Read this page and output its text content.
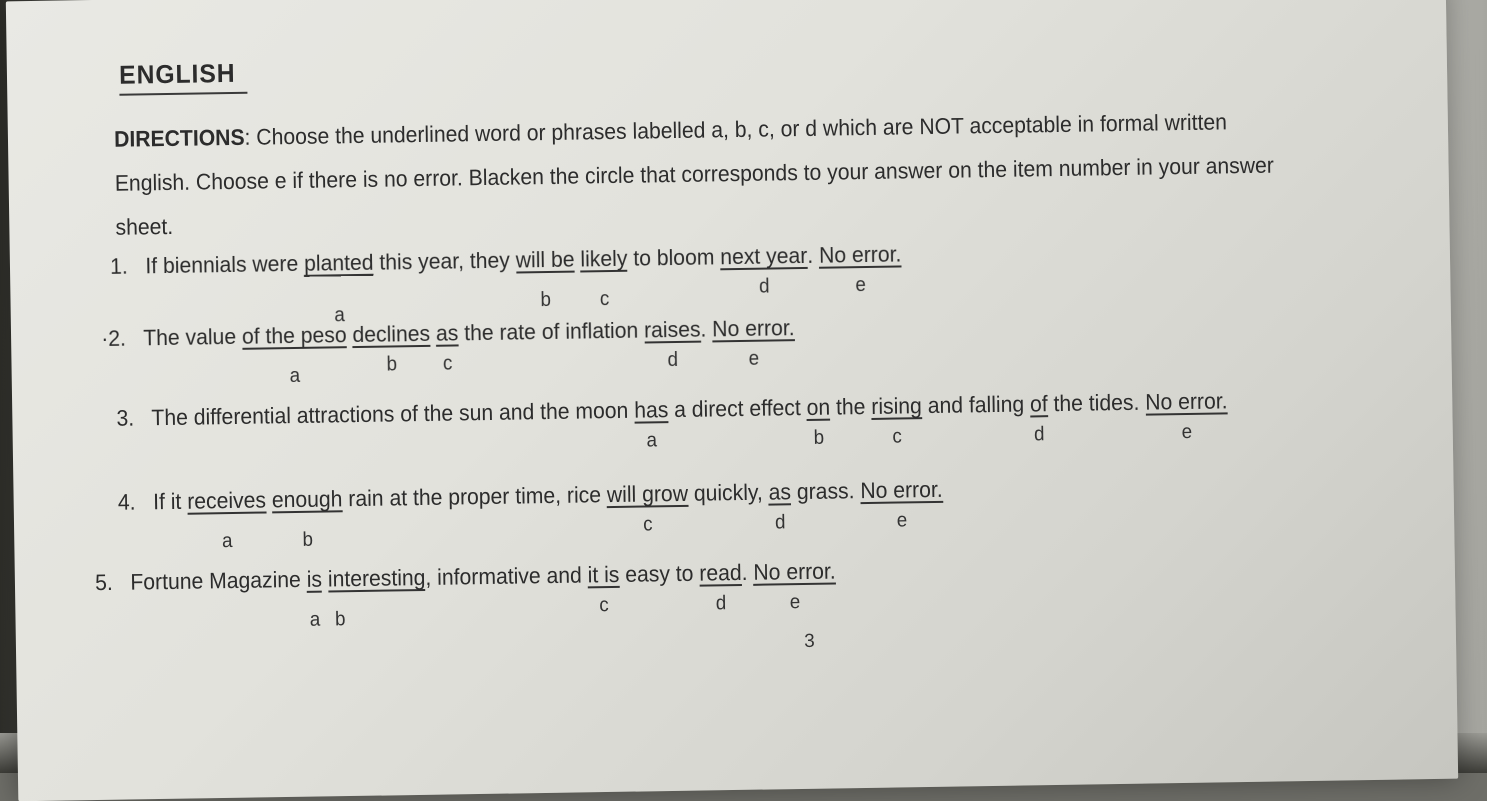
ENGLISH
DIRECTIONS: Choose the underlined word or phrases labelled a, b, c, or d which are NOT acceptable in formal written English. Choose e if there is no error. Blacken the circle that corresponds to your answer on the item number in your answer sheet.
1. If biennials were planted
a
this year, they will be
b
likely
c
to bloom next year
d
. No error.
e
·2. The value of the peso
a
declines
b
as
c
the rate of inflation raises
d
. No error.
e
3. The differential attractions of the sun and the moon has
a
a direct effect on
b
the rising
c
and falling of
d
the tides. No error.
e
4. If it receives
a
enough
b
rain at the proper time, rice will grow
c
quickly, as
d
grass. No error.
e
5. Fortune Magazine is
a
interesting
b
, informative and it is
c
easy to read
d
. No error.
e
3
